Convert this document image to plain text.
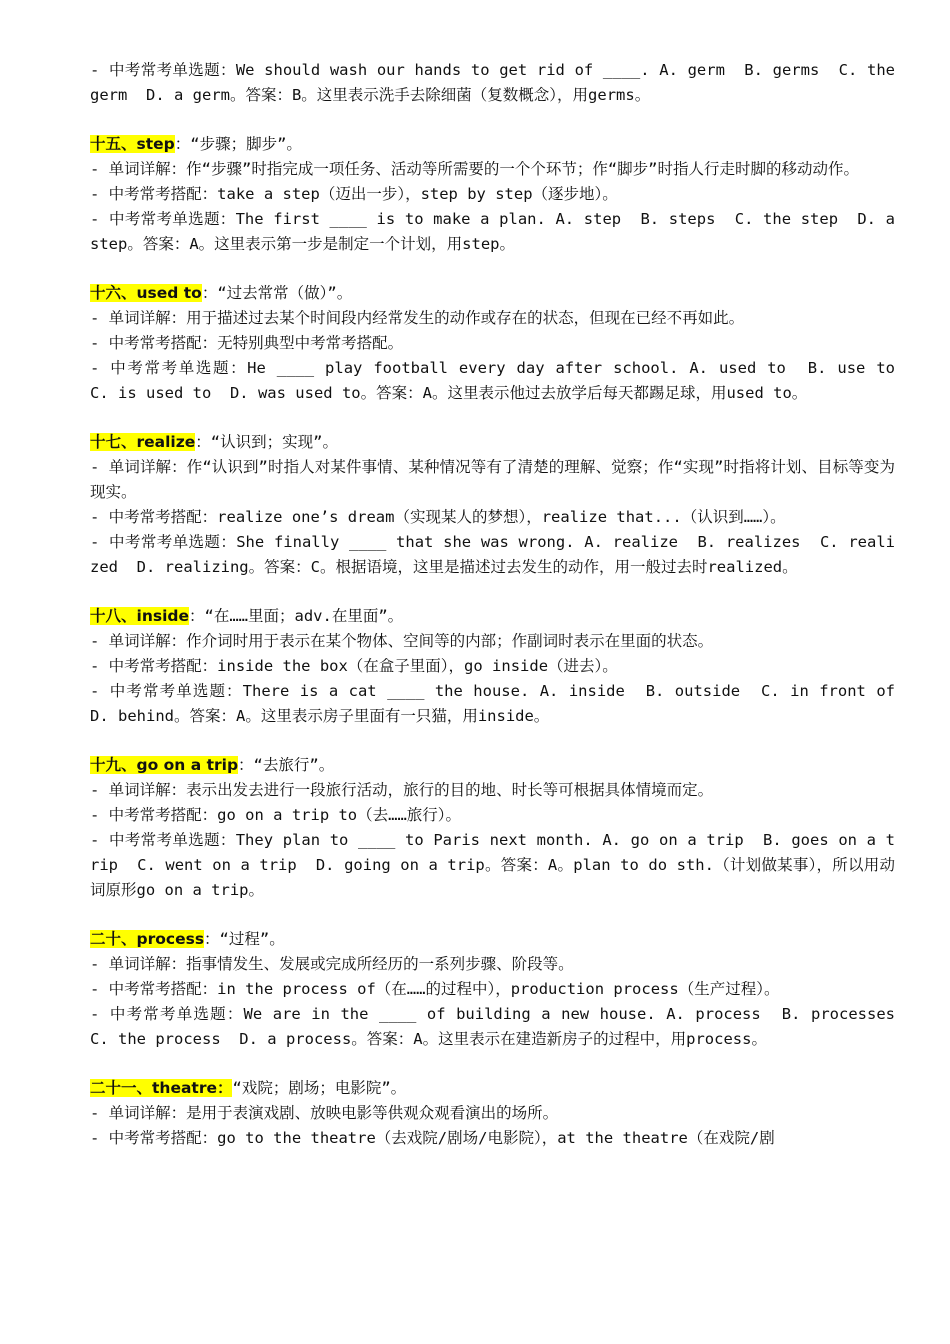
- 中考常考单选题：We should wash our hands to get rid of ____. A. germ  B. germs  C. the germ  D. a germ。答案：B。这里表示洗手去除细菌（复数概念），用germs。

十五、step：“步骤；脚步”。

- 单词详解：作“步骤”时指完成一项任务、活动等所需要的一个个环节；作“脚步”时指人行走时脚的移动动作。

- 中考常考搭配：take a step（迈出一步），step by step（逐步地）。

- 中考常考单选题：The first ____ is to make a plan. A. step  B. steps  C. the step  D. a step。答案：A。这里表示第一步是制定一个计划，用step。

十六、used to：“过去常常（做）”。

- 单词详解：用于描述过去某个时间段内经常发生的动作或存在的状态，但现在已经不再如此。

- 中考常考搭配：无特别典型中考常考搭配。

- 中考常考单选题：He ____ play football every day after school. A. used to  B. use to  C. is used to  D. was used to。答案：A。这里表示他过去放学后每天都踢足球，用used to。

十七、realize：“认识到；实现”。

- 单词详解：作“认识到”时指人对某件事情、某种情况等有了清楚的理解、觉察；作“实现”时指将计划、目标等变为现实。

- 中考常考搭配：realize one’s dream（实现某人的梦想），realize that...（认识到……）。

- 中考常考单选题：She finally ____ that she was wrong. A. realize  B. realizes  C. realized  D. realizing。答案：C。根据语境，这里是描述过去发生的动作，用一般过去时realized。

十八、inside：“在……里面；adv.在里面”。

- 单词详解：作介词时用于表示在某个物体、空间等的内部；作副词时表示在里面的状态。

- 中考常考搭配：inside the box（在盒子里面），go inside（进去）。

- 中考常考单选题：There is a cat ____ the house. A. inside  B. outside  C. in front of  D. behind。答案：A。这里表示房子里面有一只猫，用inside。

十九、go on a trip：“去旅行”。

- 单词详解：表示出发去进行一段旅行活动，旅行的目的地、时长等可根据具体情境而定。

- 中考常考搭配：go on a trip to（去……旅行）。

- 中考常考单选题：They plan to ____ to Paris next month. A. go on a trip  B. goes on a trip  C. went on a trip  D. going on a trip。答案：A。plan to do sth.（计划做某事），所以用动词原形go on a trip。

二十、process：“过程”。

- 单词详解：指事情发生、发展或完成所经历的一系列步骤、阶段等。

- 中考常考搭配：in the process of（在……的过程中），production process（生产过程）。

- 中考常考单选题：We are in the ____ of building a new house. A. process  B. processes  C. the process  D. a process。答案：A。这里表示在建造新房子的过程中，用process。

二十一、theatre：“戏院；剧场；电影院”。

- 单词详解：是用于表演戏剧、放映电影等供观众观看演出的场所。

- 中考常考搭配：go to the theatre（去戏院/剧场/电影院），at the theatre（在戏院/剧
